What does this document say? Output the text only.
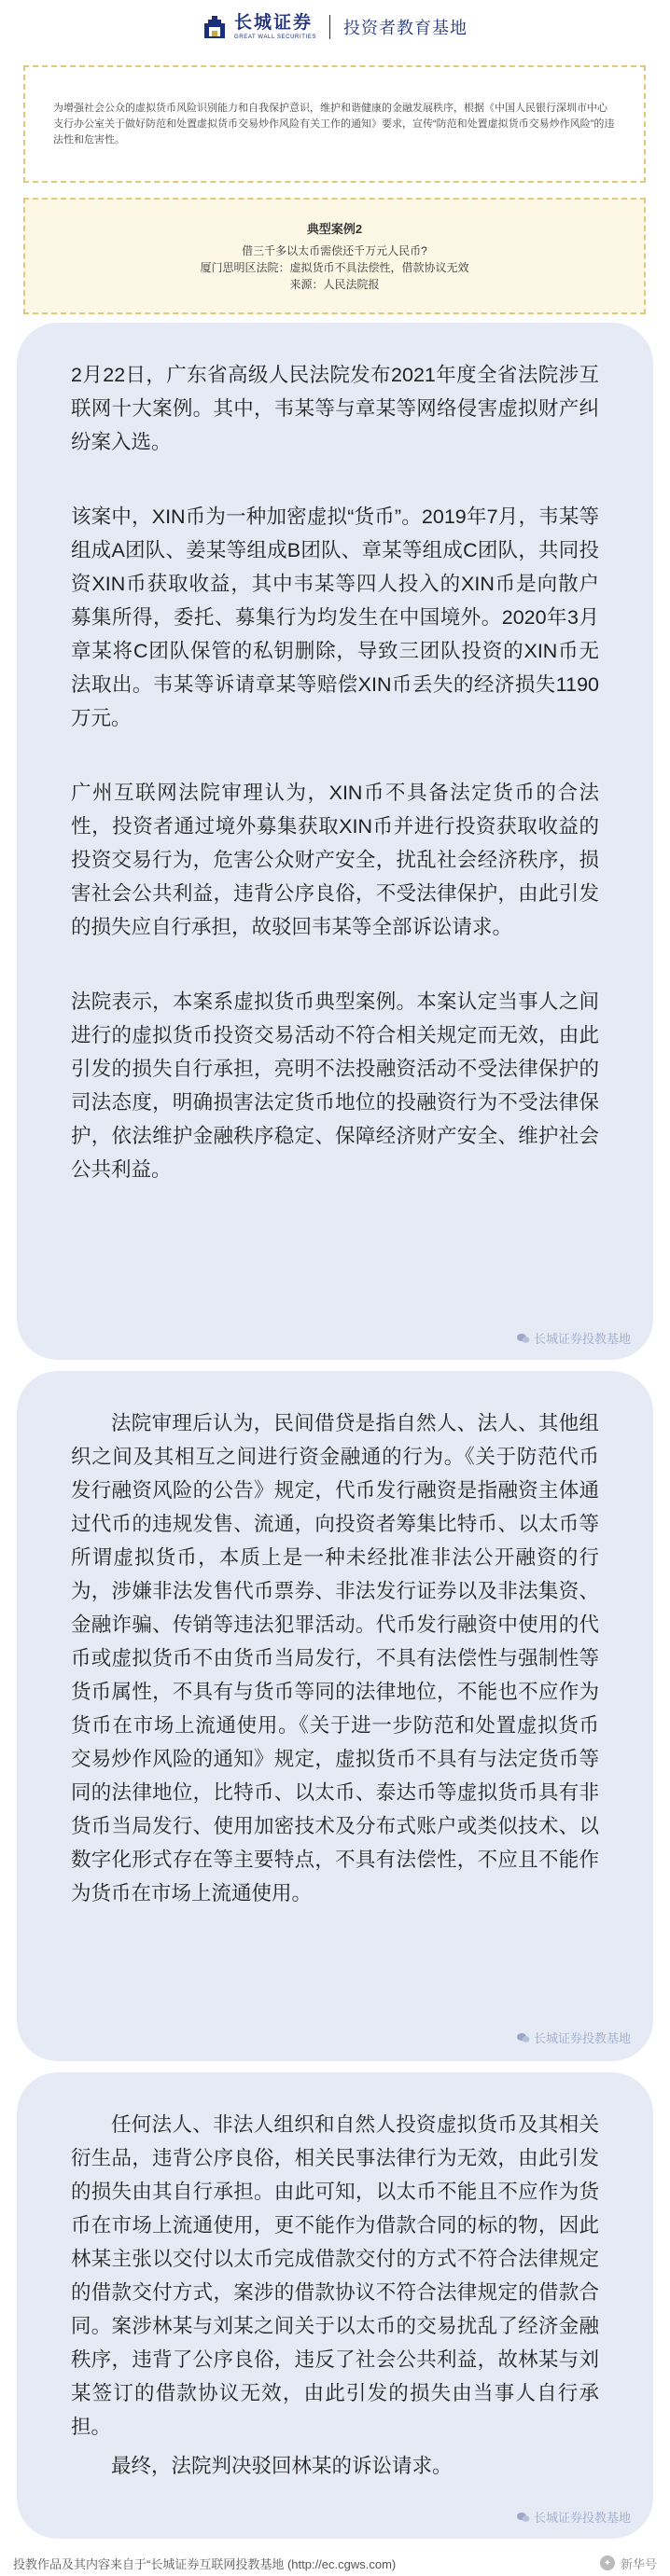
长城证券
GREAT WALL SECURITIES 投资者教育基地
为增强社会公众的虚拟货币风险识别能力和自我保护意识，维护和谐健康的金融发展秩序，根据《中国人民银行深圳市中心支行办公室关于做好防范和处置虚拟货币交易炒作风险有关工作的通知》要求，宣传“防范和处置虚拟货币交易炒作风险”的违法性和危害性。
典型案例2
借三千多以太币需偿还千万元人民币?
厦门思明区法院：虚拟货币不具法偿性，借款协议无效
来源：人民法院报

2月22日，广东省高级人民法院发布2021年度全省法院涉互联网十大案例。其中，韦某等与章某等网络侵害虚拟财产纠纷案入选。

该案中，XIN币为一种加密虚拟“货币”。2019年7月，韦某等组成A团队、姜某等组成B团队、章某等组成C团队，共同投资XIN币获取收益，其中韦某等四人投入的XIN币是向散户募集所得，委托、募集行为均发生在中国境外。2020年3月章某将C团队保管的私钥删除，导致三团队投资的XIN币无法取出。韦某等诉请章某等赔偿XIN币丢失的经济损失1190万元。

广州互联网法院审理认为，XIN币不具备法定货币的合法性，投资者通过境外募集获取XIN币并进行投资获取收益的投资交易行为，危害公众财产安全，扰乱社会经济秩序，损害社会公共利益，违背公序良俗，不受法律保护，由此引发的损失应自行承担，故驳回韦某等全部诉讼请求。

法院表示，本案系虚拟货币典型案例。本案认定当事人之间进行的虚拟货币投资交易活动不符合相关规定而无效，由此引发的损失自行承担，亮明不法投融资活动不受法律保护的司法态度，明确损害法定货币地位的投融资行为不受法律保护，依法维护金融秩序稳定、保障经济财产安全、维护社会公共利益。

长城证券投教基地

法院审理后认为，民间借贷是指自然人、法人、其他组织之间及其相互之间进行资金融通的行为。《关于防范代币发行融资风险的公告》规定，代币发行融资是指融资主体通过代币的违规发售、流通，向投资者筹集比特币、以太币等所谓虚拟货币，本质上是一种未经批准非法公开融资的行为，涉嫌非法发售代币票券、非法发行证券以及非法集资、金融诈骗、传销等违法犯罪活动。代币发行融资中使用的代币或虚拟货币不由货币当局发行，不具有法偿性与强制性等货币属性，不具有与货币等同的法律地位，不能也不应作为货币在市场上流通使用。《关于进一步防范和处置虚拟货币交易炒作风险的通知》规定，虚拟货币不具有与法定货币等同的法律地位，比特币、以太币、泰达币等虚拟货币具有非货币当局发行、使用加密技术及分布式账户或类似技术、以数字化形式存在等主要特点，不具有法偿性，不应且不能作为货币在市场上流通使用。

长城证券投教基地

任何法人、非法人组织和自然人投资虚拟货币及其相关衍生品，违背公序良俗，相关民事法律行为无效，由此引发的损失由其自行承担。由此可知，以太币不能且不应作为货币在市场上流通使用，更不能作为借款合同的标的物，因此林某主张以交付以太币完成借款交付的方式不符合法律规定的借款交付方式，案涉的借款协议不符合法律规定的借款合同。案涉林某与刘某之间关于以太币的交易扰乱了经济金融秩序，违背了公序良俗，违反了社会公共利益，故林某与刘某签订的借款协议无效，由此引发的损失由当事人自行承担。

最终，法院判决驳回林某的诉讼请求。

长城证券投教基地
投教作品及其内容来自于“长城证券互联网投教基地 (http://ec.cgws.com)	✦ 新华号
